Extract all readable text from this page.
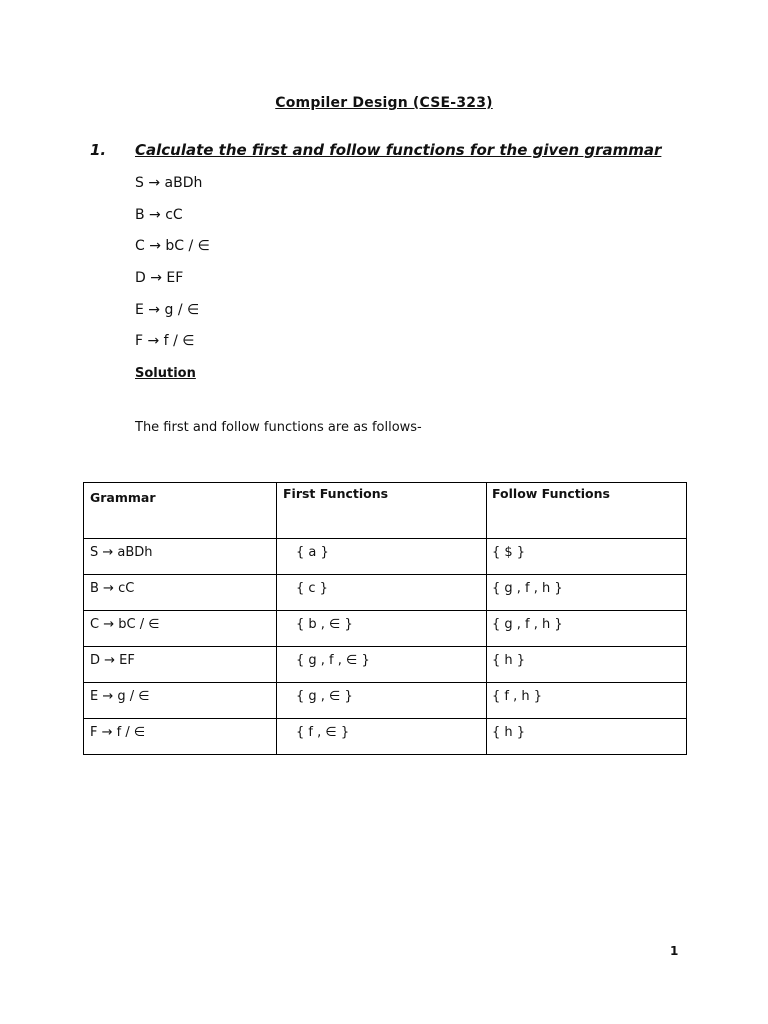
Compiler Design (CSE-323)
1. Calculate the first and follow functions for the given grammar
S → aBDh
B → cC
C → bC / ∈
D → EF
E → g / ∈
F → f / ∈
Solution
The first and follow functions are as follows-
Grammar	First Functions	Follow Functions

S → aBDh	{ a }	{ $ }

B → cC	{ c }	{ g , f , h }

C → bC / ∈	{ b , ∈ }	{ g , f , h }

D → EF	{ g , f , ∈ }	{ h }

E → g / ∈	{ g , ∈ }	{ f , h }

F → f / ∈	{ f , ∈ }	{ h }
1
